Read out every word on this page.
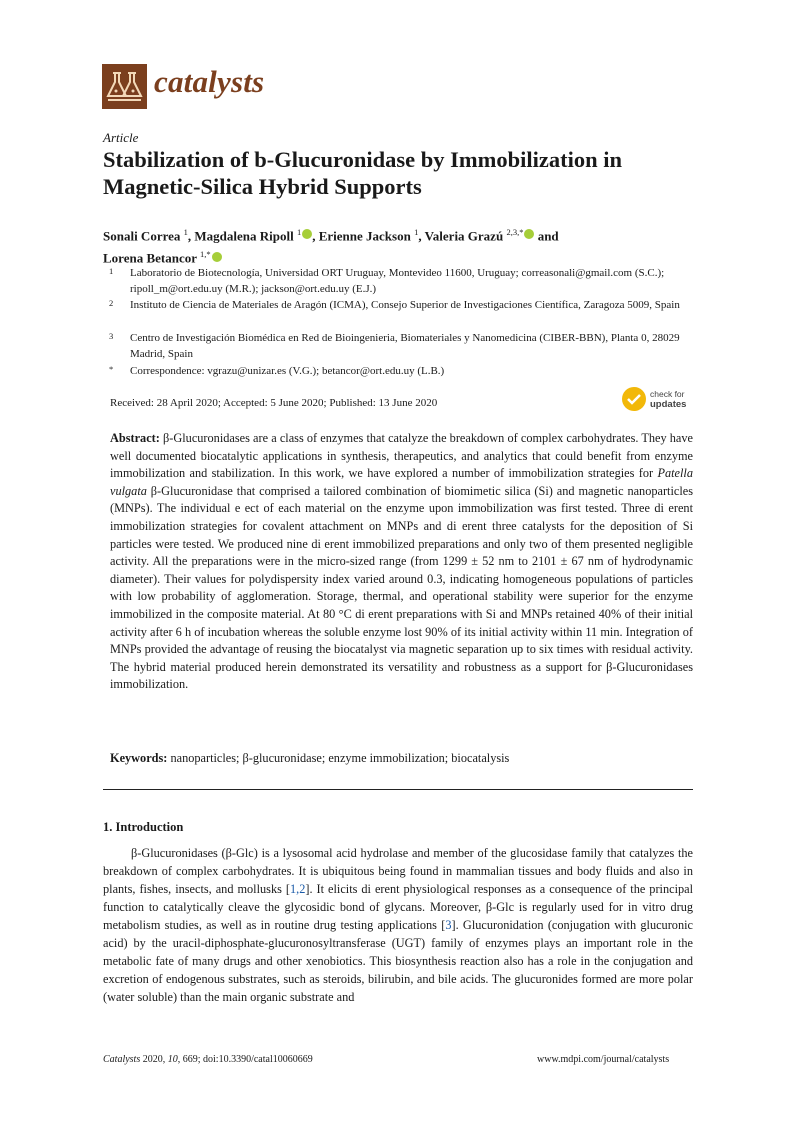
catalysts
Article
Stabilization of b-Glucuronidase by Immobilization in Magnetic-Silica Hybrid Supports
Sonali Correa $^1$, Magdalena Ripoll $^1$ , Erienne Jackson $^1$, Valeria Grazú $^{2,3,*}$ and
Lorena Betancor $^{1,*}$
1 Laboratorio de Biotecnología, Universidad ORT Uruguay, Montevideo 11600, Uruguay; correasonali@gmail.com (S.C.); ripoll_m@ort.edu.uy (M.R.); jackson@ort.edu.uy (E.J.)
2 Instituto de Ciencia de Materiales de Aragón (ICMA), Consejo Superior de Investigaciones Científica, Zaragoza 5009, Spain
3 Centro de Investigación Biomédica en Red de Bioingenieria, Biomateriales y Nanomedicina (CIBER-BBN), Planta 0, 28029 Madrid, Spain
* Correspondence: vgrazu@unizar.es (V.G.); betancor@ort.edu.uy (L.B.)
check for
updates
Received: 28 April 2020; Accepted: 5 June 2020; Published: 13 June 2020
Abstract: β-Glucuronidases are a class of enzymes that catalyze the breakdown of complex carbohydrates. They have well documented biocatalytic applications in synthesis, therapeutics, and analytics that could benefit from enzyme immobilization and stabilization. In this work, we have explored a number of immobilization strategies for Patella vulgata β-Glucuronidase that comprised a tailored combination of biomimetic silica (Si) and magnetic nanoparticles (MNPs). The individual e ect of each material on the enzyme upon immobilization was first tested. Three di erent immobilization strategies for covalent attachment on MNPs and di erent three catalysts for the deposition of Si particles were tested. We produced nine di erent immobilized preparations and only two of them presented negligible activity. All the preparations were in the micro-sized range (from 1299 ± 52 nm to 2101 ± 67 nm of hydrodynamic diameter). Their values for polydispersity index varied around 0.3, indicating homogeneous populations of particles with low probability of agglomeration. Storage, thermal, and operational stability were superior for the enzyme immobilized in the composite material. At 80 °C di erent preparations with Si and MNPs retained 40% of their initial activity after 6 h of incubation whereas the soluble enzyme lost 90% of its initial activity within 11 min. Integration of MNPs provided the advantage of reusing the biocatalyst via magnetic separation up to six times with residual activity. The hybrid material produced herein demonstrated its versatility and robustness as a support for β-Glucuronidases immobilization.
Keywords: nanoparticles; β-glucuronidase; enzyme immobilization; biocatalysis
1. Introduction
β-Glucuronidases (β-Glc) is a lysosomal acid hydrolase and member of the glucosidase family that catalyzes the breakdown of complex carbohydrates. It is ubiquitous being found in mammalian tissues and body fluids and also in plants, fishes, insects, and mollusks [1,2]. It elicits di erent physiological responses as a consequence of the principal function to catalytically cleave the glycosidic bond of glycans. Moreover, β-Glc is regularly used for in vitro drug metabolism studies, as well as in routine drug testing applications [3]. Glucuronidation (conjugation with glucuronic acid) by the uracil-diphosphate-glucuronosyltransferase (UGT) family of enzymes plays an important role in the metabolic fate of many drugs and other xenobiotics. This biosynthesis reaction also has a role in the conjugation and excretion of endogenous substrates, such as steroids, bilirubin, and bile acids. The glucuronides formed are more polar (water soluble) than the main organic substrate and
Catalysts 2020, 10, 669; doi:10.3390/catal10060669	www.mdpi.com/journal/catalysts
